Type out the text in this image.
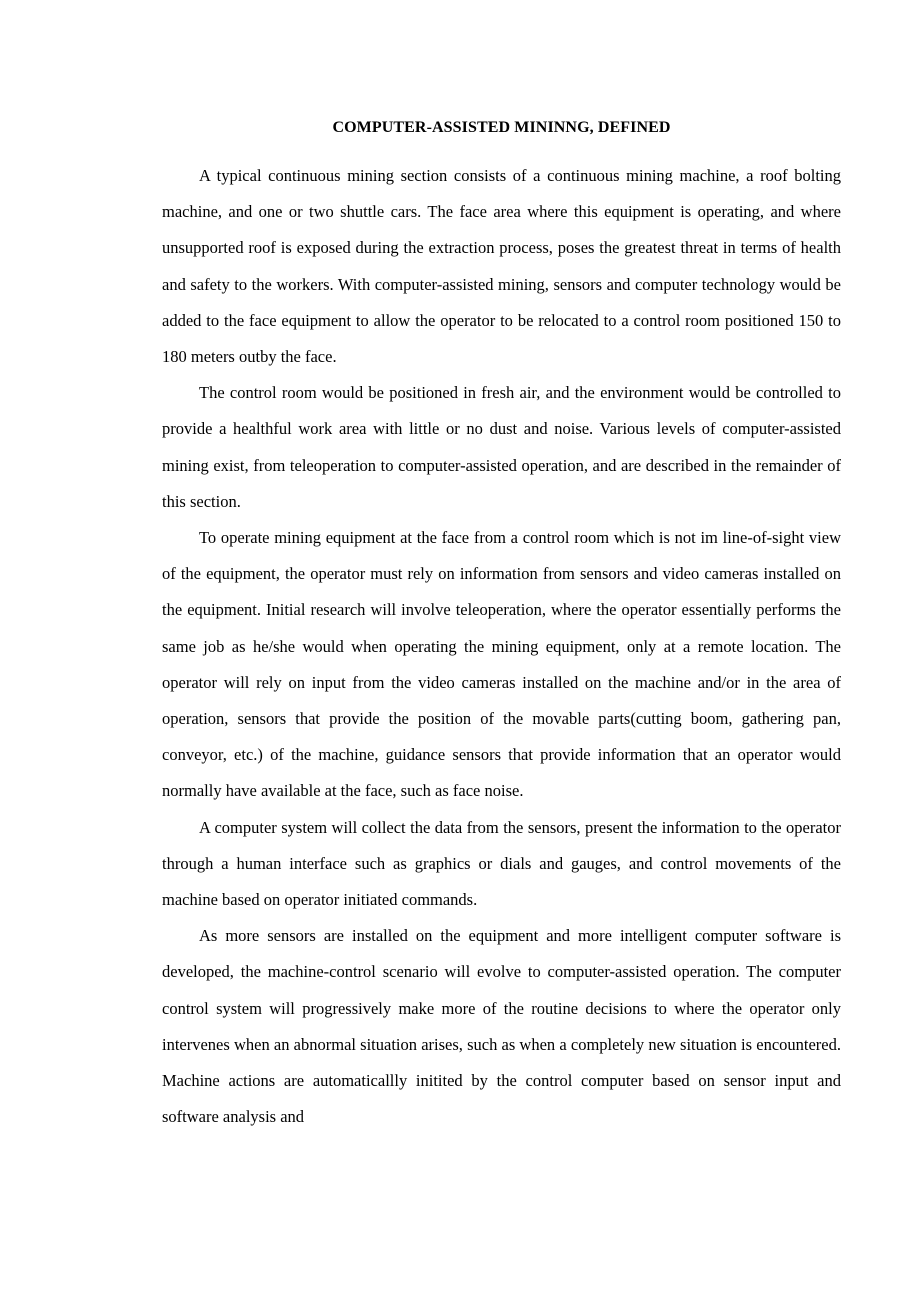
COMPUTER-ASSISTED MININNG, DEFINED

A typical continuous mining section consists of a continuous mining machine, a roof bolting machine, and one or two shuttle cars. The face area where this equipment is operating, and where unsupported roof is exposed during the extraction process, poses the greatest threat in terms of health and safety to the workers. With computer-assisted mining, sensors and computer technology would be added to the face equipment to allow the operator to be relocated to a control room positioned 150 to 180 meters outby the face.

The control room would be positioned in fresh air, and the environment would be controlled to provide a healthful work area with little or no dust and noise. Various levels of computer-assisted mining exist, from teleoperation to computer-assisted operation, and are described in the remainder of this section.

To operate mining equipment at the face from a control room which is not im line-of-sight view of the equipment, the operator must rely on information from sensors and video cameras installed on the equipment. Initial research will involve teleoperation, where the operator essentially performs the same job as he/she would when operating the mining equipment, only at a remote location. The operator will rely on input from the video cameras installed on the machine and/or in the area of operation, sensors that provide the position of the movable parts(cutting boom, gathering pan, conveyor, etc.) of the machine, guidance sensors that provide information that an operator would normally have available at the face, such as face noise.

A computer system will collect the data from the sensors, present the information to the operator through a human interface such as graphics or dials and gauges, and control movements of the machine based on operator initiated commands.

As more sensors are installed on the equipment and more intelligent computer software is developed, the machine-control scenario will evolve to computer-assisted operation. The computer control system will progressively make more of the routine decisions to where the operator only intervenes when an abnormal situation arises, such as when a completely new situation is encountered. Machine actions are automaticallly initited by the control computer based on sensor input and software analysis and
